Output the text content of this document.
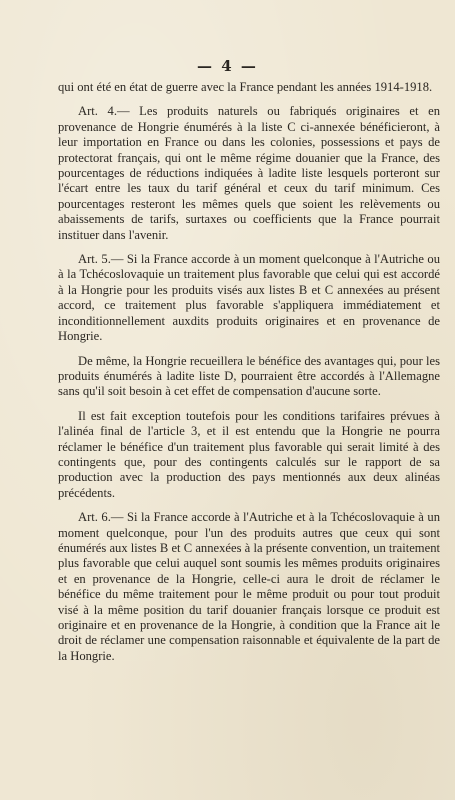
— 4 —

qui ont été en état de guerre avec la France pendant les années 1914-1918.

Art. 4.— Les produits naturels ou fabriqués originaires et en provenance de Hongrie énumérés à la liste C ci-annexée bénéficieront, à leur importation en France ou dans les colonies, possessions et pays de protectorat français, qui ont le même régime douanier que la France, des pourcentages de réductions indiquées à ladite liste lesquels porteront sur l'écart entre les taux du tarif général et ceux du tarif minimum. Ces pourcentages resteront les mêmes quels que soient les relèvements ou abaissements de tarifs, surtaxes ou coefficients que la France pourrait instituer dans l'avenir.

Art. 5.— Si la France accorde à un moment quelconque à l'Autriche ou à la Tchécoslovaquie un traitement plus favorable que celui qui est accordé à la Hongrie pour les produits visés aux listes B et C annexées au présent accord, ce traitement plus favorable s'appliquera immédiatement et inconditionnellement auxdits produits originaires et en provenance de Hongrie.

De même, la Hongrie recueillera le bénéfice des avantages qui, pour les produits énumérés à ladite liste D, pourraient être accordés à l'Allemagne sans qu'il soit besoin à cet effet de compensation d'aucune sorte.

Il est fait exception toutefois pour les conditions tarifaires prévues à l'alinéa final de l'article 3, et il est entendu que la Hongrie ne pourra réclamer le bénéfice d'un traitement plus favorable qui serait limité à des contingents que, pour des contingents calculés sur le rapport de sa production avec la production des pays mentionnés aux deux alinéas précédents.

Art. 6.— Si la France accorde à l'Autriche et à la Tchécoslovaquie à un moment quelconque, pour l'un des produits autres que ceux qui sont énumérés aux listes B et C annexées à la présente convention, un traitement plus favorable que celui auquel sont soumis les mêmes produits originaires et en provenance de la Hongrie, celle-ci aura le droit de réclamer le bénéfice du même traitement pour le même produit ou pour tout produit visé à la même position du tarif douanier français lorsque ce produit est originaire et en provenance de la Hongrie, à condition que la France ait le droit de réclamer une compensation raisonnable et équivalente de la part de la Hongrie.
